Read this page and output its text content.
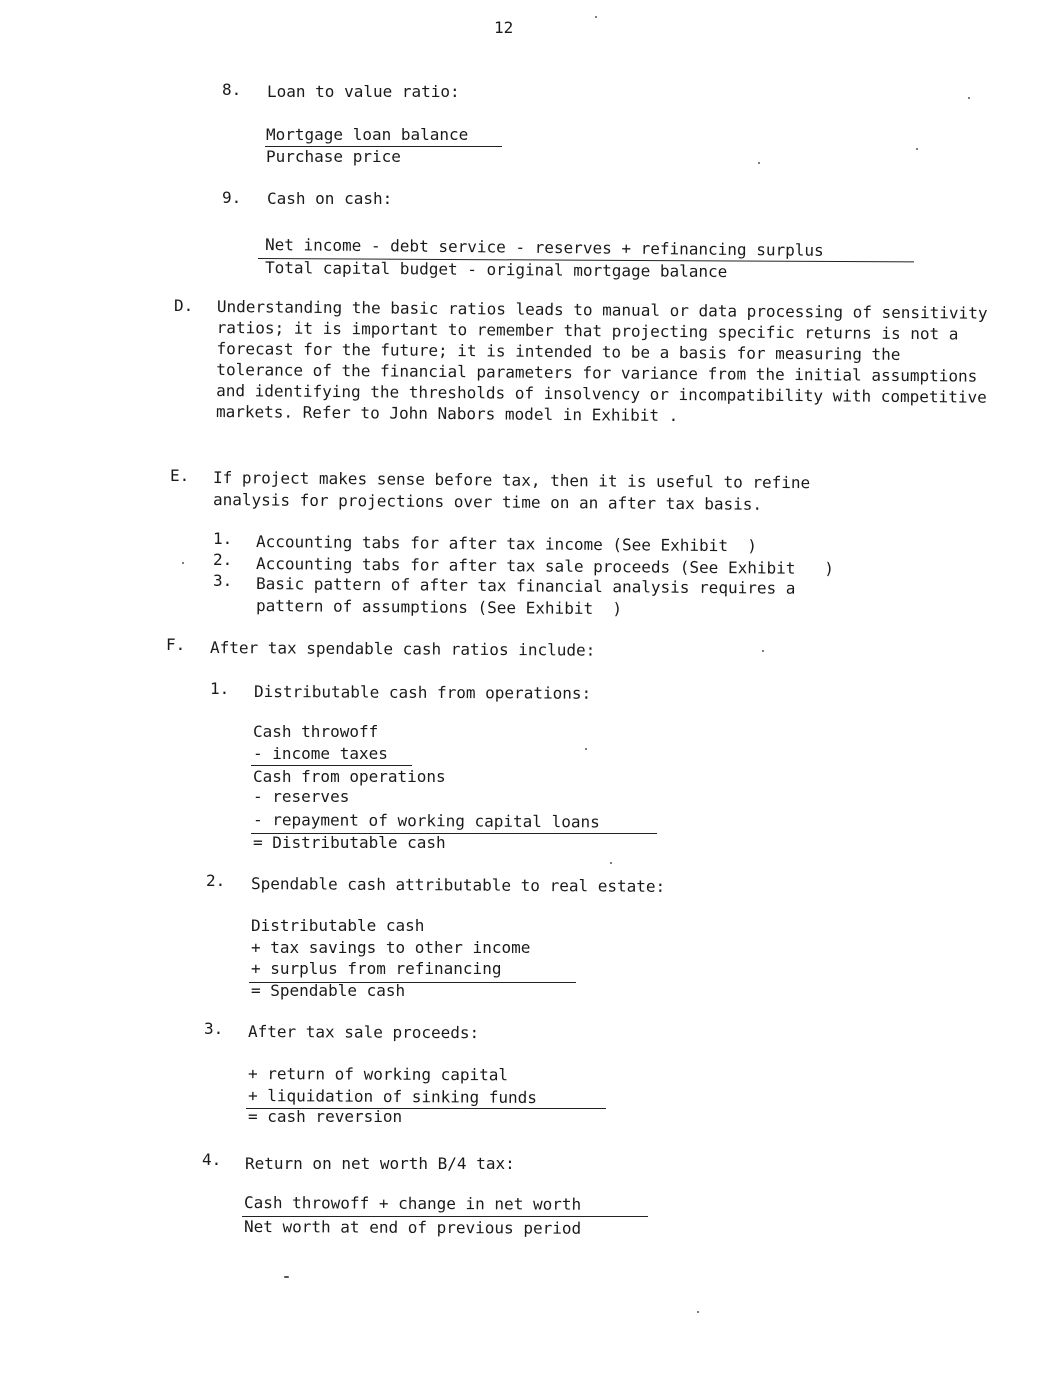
12
8. Loan to value ratio:
Mortgage loan balance
Purchase price
9. Cash on cash:
Net income - debt service - reserves + refinancing surplus
Total capital budget - original mortgage balance
D. Understanding the basic ratios leads to manual or data processing of sensitivity ratios; it is important to remember that projecting specific returns is not a forecast for the future; it is intended to be a basis for measuring the tolerance of the financial parameters for variance from the initial assumptions and identifying the thresholds of insolvency or incompatibility with competitive markets. Refer to John Nabors model in Exhibit .
E. If project makes sense before tax, then it is useful to refine
analysis for projections over time on an after tax basis.
1. Accounting tabs for after tax income (See Exhibit  )
2. Accounting tabs for after tax sale proceeds (See Exhibit   )
3. Basic pattern of after tax financial analysis requires a
pattern of assumptions (See Exhibit  )
F. After tax spendable cash ratios include:
1. Distributable cash from operations:
Cash throwoff
- income taxes
Cash from operations
- reserves
- repayment of working capital loans
= Distributable cash
2. Spendable cash attributable to real estate:
Distributable cash
+ tax savings to other income
+ surplus from refinancing
= Spendable cash
3. After tax sale proceeds:
+ return of working capital
+ liquidation of sinking funds
= cash reversion
4. Return on net worth B/4 tax:
Cash throwoff + change in net worth
Net worth at end of previous period
